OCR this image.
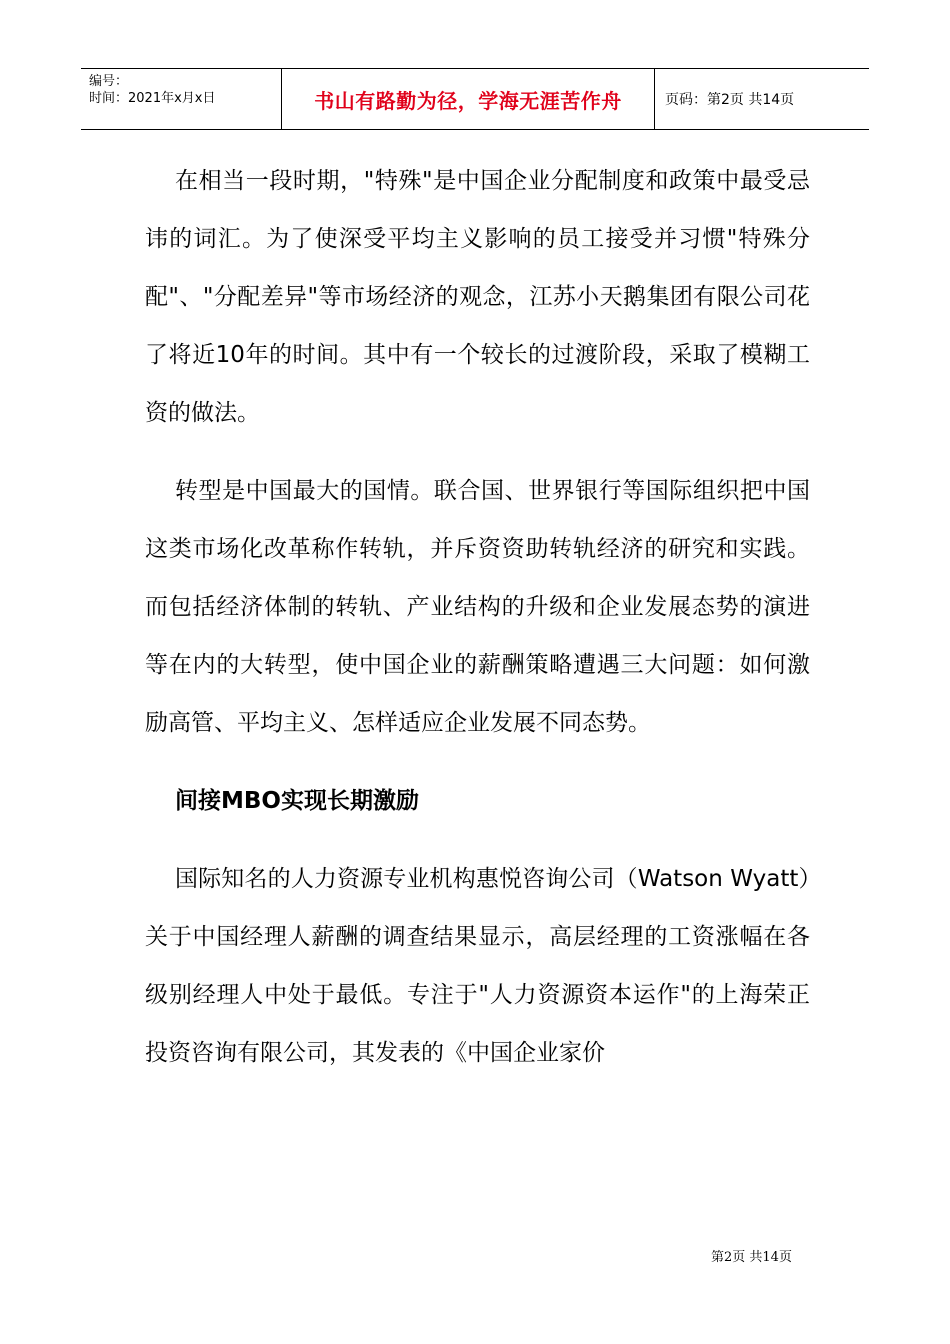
编号：
时间：2021年x月x日	书山有路勤为径，学海无涯苦作舟	页码：第2页 共14页

在相当一段时期，"特殊"是中国企业分配制度和政策中最受忌讳的词汇。为了使深受平均主义影响的员工接受并习惯"特殊分配"、"分配差异"等市场经济的观念，江苏小天鹅集团有限公司花了将近10年的时间。其中有一个较长的过渡阶段，采取了模糊工资的做法。

转型是中国最大的国情。联合国、世界银行等国际组织把中国这类市场化改革称作转轨，并斥资资助转轨经济的研究和实践。而包括经济体制的转轨、产业结构的升级和企业发展态势的演进等在内的大转型，使中国企业的薪酬策略遭遇三大问题：如何激励高管、平均主义、怎样适应企业发展不同态势。

间接MBO实现长期激励

国际知名的人力资源专业机构惠悦咨询公司（Watson Wyatt）关于中国经理人薪酬的调查结果显示，高层经理的工资涨幅在各级别经理人中处于最低。专注于"人力资源资本运作"的上海荣正投资咨询有限公司，其发表的《中国企业家价

第2页 共14页
